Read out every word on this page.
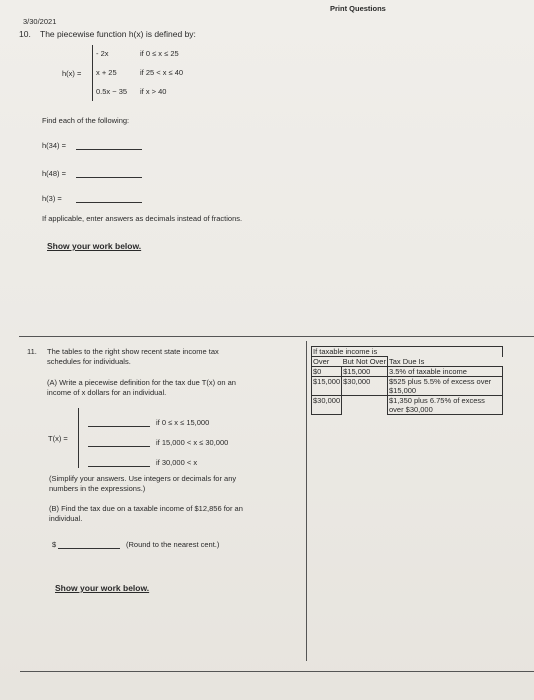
3/30/2021
Print Questions
10. The piecewise function h(x) is defined by:
h(x) =
- 2x	if 0 ≤ x ≤ 25
x + 25	if 25 < x ≤ 40
0.5x − 35 if x > 40
Find each of the following:
h(34) =
h(48) =
h(3) =
If applicable, enter answers as decimals instead of fractions.
Show your work below.
11. The tables to the right show recent state income tax
schedules for individuals.
(A) Write a piecewise definition for the tax due T(x) on an
income of x dollars for an individual.
T(x) =
if 0 ≤ x ≤ 15,000
if 15,000 < x ≤ 30,000
if 30,000 < x
(Simplify your answers. Use integers or decimals for any
numbers in the expressions.)
(B) Find the tax due on a taxable income of $12,856 for an
individual.
$	(Round to the nearest cent.)
Show your work below.
If taxable income is		
Over	But Not Over	Tax Due Is
$0	$15,000	3.5% of taxable income
$15,000	$30,000	$525 plus 5.5% of excess over $15,000
$30,000		$1,350 plus 6.75% of excess over $30,000
